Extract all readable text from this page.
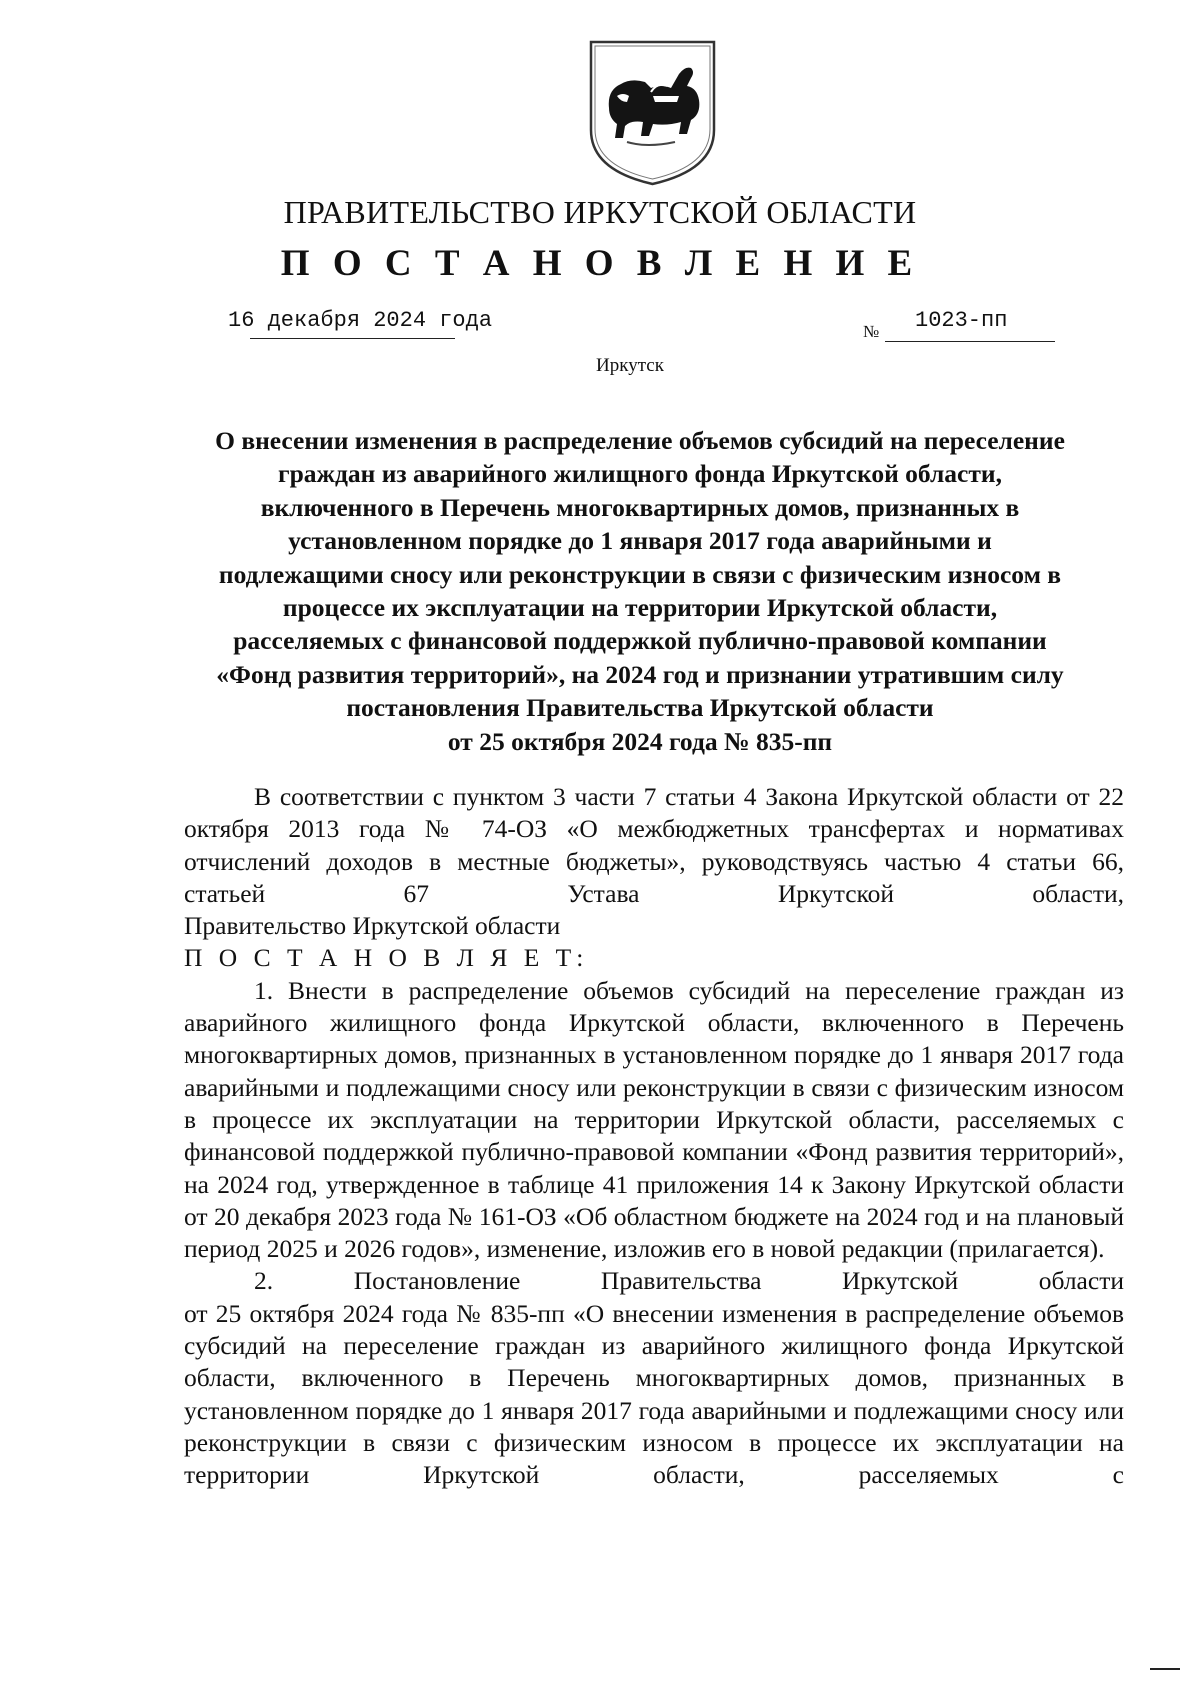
ПРАВИТЕЛЬСТВО ИРКУТСКОЙ ОБЛАСТИ
П О С Т А Н О В Л Е Н И Е
16 декабря 2024 года	№ 1023-пп
Иркутск
О внесении изменения в распределение объемов субсидий на переселение
граждан из аварийного жилищного фонда Иркутской области,
включенного в Перечень многоквартирных домов, признанных в
установленном порядке до 1 января 2017 года аварийными и
подлежащими сносу или реконструкции в связи с физическим износом в
процессе их эксплуатации на территории Иркутской области,
расселяемых с финансовой поддержкой публично-правовой компании
«Фонд развития территорий», на 2024 год и признании утратившим силу
постановления Правительства Иркутской области
от 25 октября 2024 года № 835-пп

В соответствии с пунктом 3 части 7 статьи 4 Закона Иркутской области от 22 октября 2013 года № 74-ОЗ «О межбюджетных трансфертах и нормативах отчислений доходов в местные бюджеты», руководствуясь частью 4 статьи 66, статьей 67 Устава Иркутской области,

Правительство Иркутской области

П О С Т А Н О В Л Я Е Т:

1. Внести в распределение объемов субсидий на переселение граждан из аварийного жилищного фонда Иркутской области, включенного в Перечень многоквартирных домов, признанных в установленном порядке до 1 января 2017 года аварийными и подлежащими сносу или реконструкции в связи с физическим износом в процессе их эксплуатации на территории Иркутской области, расселяемых с финансовой поддержкой публично-правовой компании «Фонд развития территорий», на 2024 год, утвержденное в таблице 41 приложения 14 к Закону Иркутской области от 20 декабря 2023 года № 161-ОЗ «Об областном бюджете на 2024 год и на плановый период 2025 и 2026 годов», изменение, изложив его в новой редакции (прилагается).

2. Постановление Правительства Иркутской области

от 25 октября 2024 года № 835-пп «О внесении изменения в распределение объемов субсидий на переселение граждан из аварийного жилищного фонда Иркутской области, включенного в Перечень многоквартирных домов, признанных в установленном порядке до 1 января 2017 года аварийными и подлежащими сносу или реконструкции в связи с физическим износом в процессе их эксплуатации на территории Иркутской области, расселяемых с
